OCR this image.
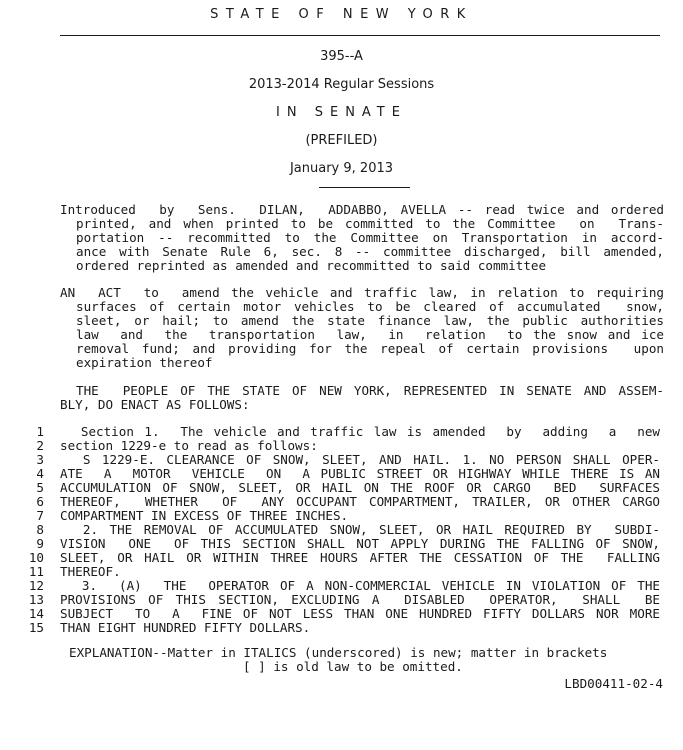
STATE OF NEW YORK
395--A
2013-2014 Regular Sessions
IN SENATE
(PREFILED)
January 9, 2013
Introduced  by  Sens.  DILAN,  ADDABBO, AVELLA -- read twice and ordered
printed, and when printed to be committed to the Committee  on  Trans-
portation -- recommitted to the Committee on Transportation in accord-
ance with Senate Rule 6, sec. 8 -- committee discharged, bill amended,
ordered reprinted as amended and recommitted to said committee
AN  ACT  to  amend the vehicle and traffic law, in relation to requiring
surfaces of certain motor vehicles to be cleared of accumulated  snow,
sleet, or hail; to amend the state finance law, the public authorities
law  and  the  transportation  law,  in  relation  to the snow and ice
removal fund; and providing for the repeal of certain provisions  upon
expiration thereof
THE  PEOPLE OF THE STATE OF NEW YORK, REPRESENTED IN SENATE AND ASSEM-
BLY, DO ENACT AS FOLLOWS:
1 Section 1.  The vehicle and traffic law is amended  by  adding  a  new
2 section 1229-e to read as follows:
3 S 1229-E. CLEARANCE OF SNOW, SLEET, AND HAIL. 1. NO PERSON SHALL OPER-
4 ATE  A  MOTOR  VEHICLE  ON  A PUBLIC STREET OR HIGHWAY WHILE THERE IS AN
5 ACCUMULATION OF SNOW, SLEET, OR HAIL ON THE ROOF OR CARGO  BED  SURFACES
6 THEREOF,  WHETHER  OF  ANY OCCUPANT COMPARTMENT, TRAILER, OR OTHER CARGO
7 COMPARTMENT IN EXCESS OF THREE INCHES.
8 2. THE REMOVAL OF ACCUMULATED SNOW, SLEET, OR HAIL REQUIRED BY  SUBDI-
9 VISION  ONE  OF THIS SECTION SHALL NOT APPLY DURING THE FALLING OF SNOW,
10 SLEET, OR HAIL OR WITHIN THREE HOURS AFTER THE CESSATION OF THE  FALLING
11 THEREOF.
12 3.  (A)  THE  OPERATOR OF A NON-COMMERCIAL VEHICLE IN VIOLATION OF THE
13 PROVISIONS OF THIS SECTION, EXCLUDING A  DISABLED  OPERATOR,  SHALL  BE
14 SUBJECT  TO  A  FINE OF NOT LESS THAN ONE HUNDRED FIFTY DOLLARS NOR MORE
15 THAN EIGHT HUNDRED FIFTY DOLLARS.
EXPLANATION--Matter in ITALICS (underscored) is new; matter in brackets
[ ] is old law to be omitted.
LBD00411-02-4
